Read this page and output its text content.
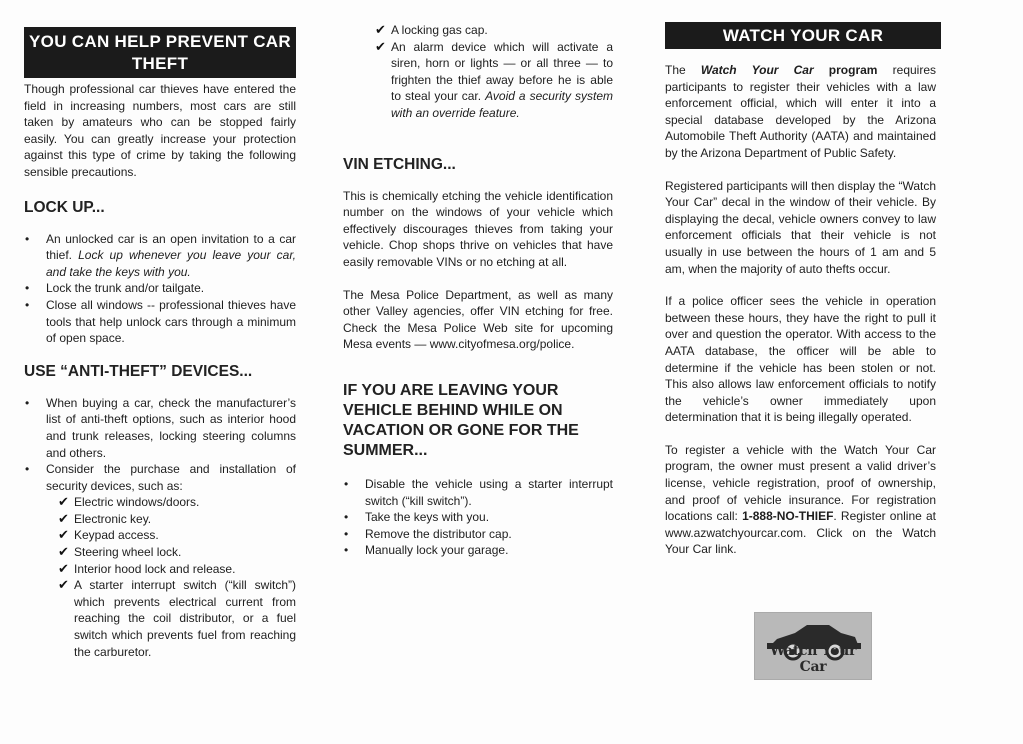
YOU CAN HELP PREVENT CAR THEFT

Though professional car thieves have entered the field in increasing numbers, most cars are still taken by amateurs who can be stopped fairly easily. You can greatly increase your protection against this type of crime by taking the following sensible precautions.

LOCK UP...
• An unlocked car is an open invitation to a car thief. Lock up whenever you leave your car, and take the keys with you.
• Lock the trunk and/or tailgate.
• Close all windows -- professional thieves have tools that help unlock cars through a minimum of open space.
USE “ANTI-THEFT” DEVICES...
• When buying a car, check the manufacturer’s list of anti-theft options, such as interior hood and trunk releases, locking steering columns and others.
• Consider the purchase and installation of security devices, such as:
✔ Electric windows/doors.
✔ Electronic key.
✔ Keypad access.
✔ Steering wheel lock.
✔ Interior hood lock and release.
✔ A starter interrupt switch (“kill switch”) which prevents electrical current from reaching the coil distributor, or a fuel switch which prevents fuel from reaching the carburetor.
✔ A locking gas cap.
✔ An alarm device which will activate a siren, horn or lights — or all three — to frighten the thief away before he is able to steal your car. Avoid a security system with an override feature.
VIN ETCHING...

This is chemically etching the vehicle identification number on the windows of your vehicle which effectively discourages thieves from taking your vehicle. Chop shops thrive on vehicles that have easily removable VINs or no etching at all.

The Mesa Police Department, as well as many other Valley agencies, offer VIN etching for free. Check the Mesa Police Web site for upcoming Mesa events — www.cityofmesa.org/police.

IF YOU ARE LEAVING YOUR VEHICLE BEHIND WHILE ON VACATION OR GONE FOR THE SUMMER...
• Disable the vehicle using a starter interrupt switch (“kill switch”).
• Take the keys with you.
• Remove the distributor cap.
• Manually lock your garage.
WATCH YOUR CAR

The Watch Your Car program requires participants to register their vehicles with a law enforcement official, which will enter it into a special database developed by the Arizona Automobile Theft Authority (AATA) and maintained by the Arizona Department of Public Safety.

Registered participants will then display the “Watch Your Car” decal in the window of their vehicle. By displaying the decal, vehicle owners convey to law enforcement officials that their vehicle is not usually in use between the hours of 1 am and 5 am, when the majority of auto thefts occur.

If a police officer sees the vehicle in operation between these hours, they have the right to pull it over and question the operator. With access to the AATA database, the officer will be able to determine if the vehicle has been stolen or not. This also allows law enforcement officials to notify the vehicle’s owner immediately upon determination that it is being illegally operated.

To register a vehicle with the Watch Your Car program, the owner must present a valid driver’s license, vehicle registration, proof of ownership, and proof of vehicle insurance. For registration locations call: 1-888-NO-THIEF. Register online at www.azwatchyourcar.com. Click on the Watch Your Car link.

Watch Your Car
